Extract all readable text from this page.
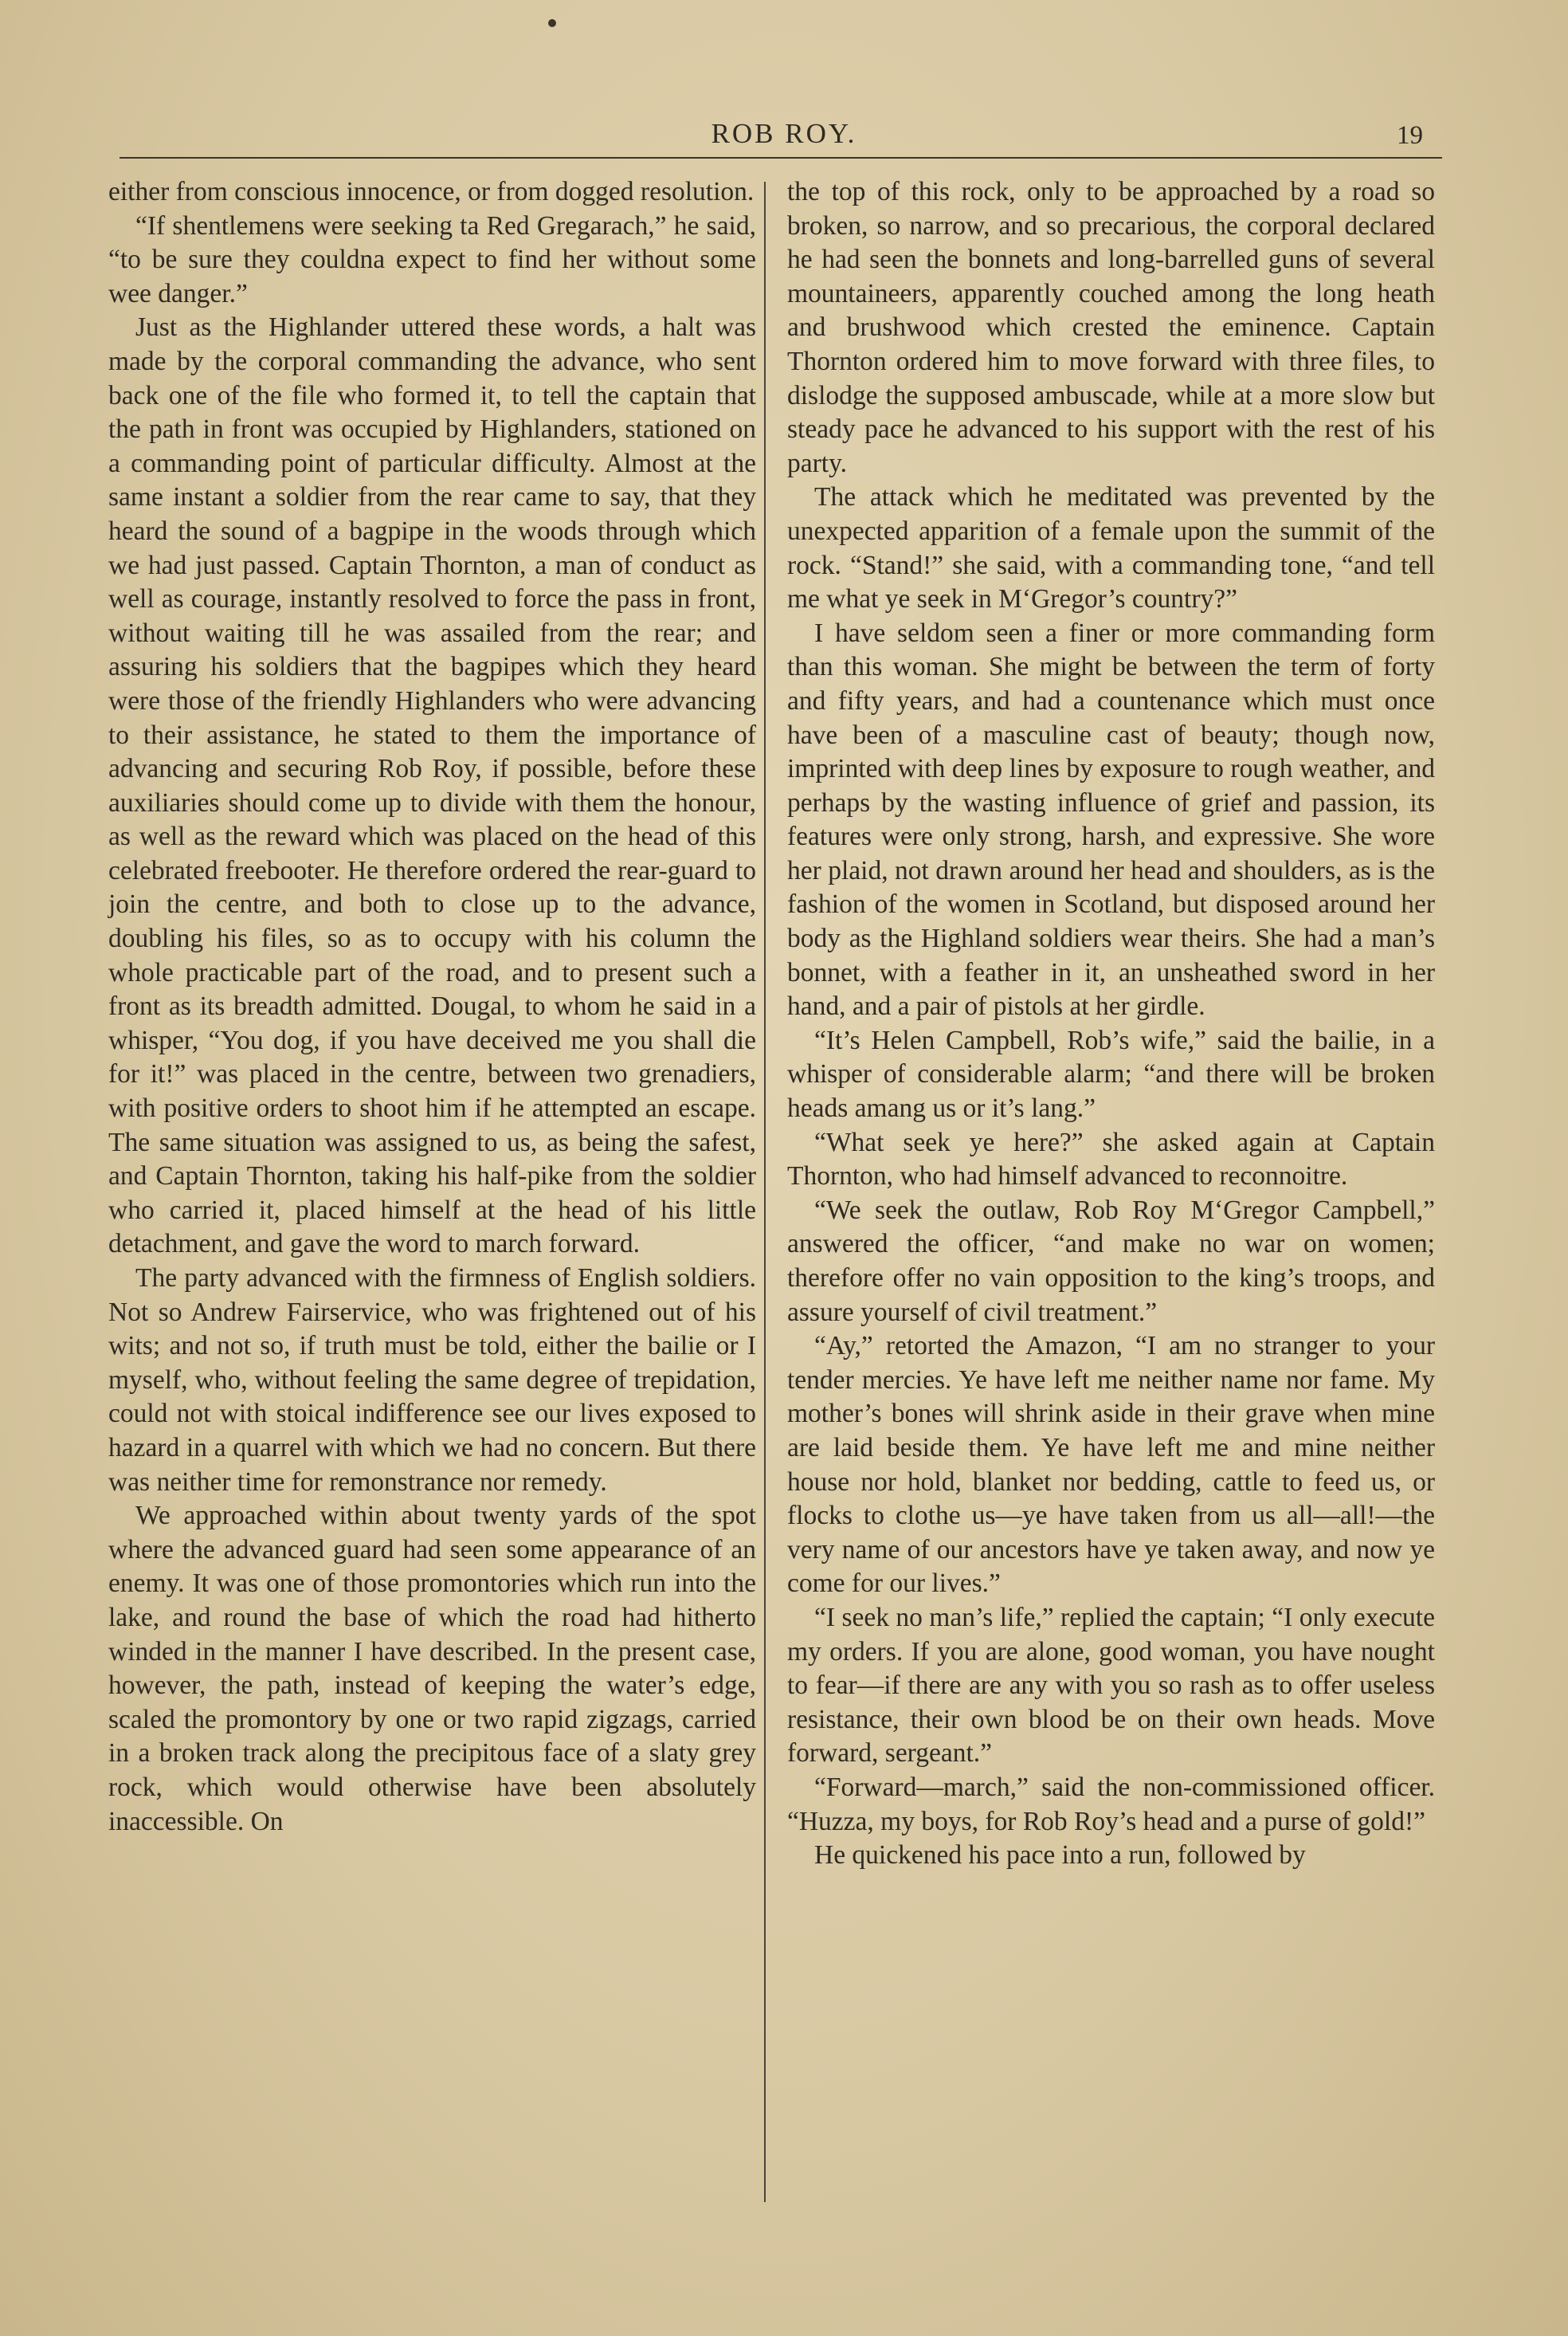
ROB ROY.	19

either from conscious innocence, or from dogged resolution.

“If shentlemens were seeking ta Red Gregarach,” he said, “to be sure they couldna expect to find her without some wee danger.”

Just as the Highlander uttered these words, a halt was made by the corporal commanding the advance, who sent back one of the file who formed it, to tell the captain that the path in front was occupied by Highlanders, stationed on a commanding point of particular difficulty. Almost at the same instant a soldier from the rear came to say, that they heard the sound of a bagpipe in the woods through which we had just passed. Captain Thornton, a man of conduct as well as courage, instantly resolved to force the pass in front, without waiting till he was assailed from the rear; and assuring his soldiers that the bagpipes which they heard were those of the friendly Highlanders who were advancing to their assistance, he stated to them the importance of advancing and securing Rob Roy, if possible, before these auxiliaries should come up to divide with them the honour, as well as the reward which was placed on the head of this celebrated freebooter. He therefore ordered the rear-guard to join the centre, and both to close up to the advance, doubling his files, so as to occupy with his column the whole practicable part of the road, and to present such a front as its breadth admitted. Dougal, to whom he said in a whisper, “You dog, if you have deceived me you shall die for it!” was placed in the centre, between two grenadiers, with positive orders to shoot him if he attempted an escape. The same situation was assigned to us, as being the safest, and Captain Thornton, taking his half-pike from the soldier who carried it, placed himself at the head of his little detachment, and gave the word to march forward.

The party advanced with the firmness of English soldiers. Not so Andrew Fairservice, who was frightened out of his wits; and not so, if truth must be told, either the bailie or I myself, who, without feeling the same degree of trepidation, could not with stoical indifference see our lives exposed to hazard in a quarrel with which we had no concern. But there was neither time for remonstrance nor remedy.

We approached within about twenty yards of the spot where the advanced guard had seen some appearance of an enemy. It was one of those promontories which run into the lake, and round the base of which the road had hitherto winded in the manner I have described. In the present case, however, the path, instead of keeping the water’s edge, scaled the promontory by one or two rapid zigzags, carried in a broken track along the precipitous face of a slaty grey rock, which would otherwise have been absolutely inaccessible. On

the top of this rock, only to be approached by a road so broken, so narrow, and so precarious, the corporal declared he had seen the bonnets and long-barrelled guns of several mountaineers, apparently couched among the long heath and brushwood which crested the eminence. Captain Thornton ordered him to move forward with three files, to dislodge the supposed ambuscade, while at a more slow but steady pace he advanced to his support with the rest of his party.

The attack which he meditated was prevented by the unexpected apparition of a female upon the summit of the rock. “Stand!” she said, with a commanding tone, “and tell me what ye seek in M‘Gregor’s country?”

I have seldom seen a finer or more commanding form than this woman. She might be between the term of forty and fifty years, and had a countenance which must once have been of a masculine cast of beauty; though now, imprinted with deep lines by exposure to rough weather, and perhaps by the wasting influence of grief and passion, its features were only strong, harsh, and expressive. She wore her plaid, not drawn around her head and shoulders, as is the fashion of the women in Scotland, but disposed around her body as the Highland soldiers wear theirs. She had a man’s bonnet, with a feather in it, an unsheathed sword in her hand, and a pair of pistols at her girdle.

“It’s Helen Campbell, Rob’s wife,” said the bailie, in a whisper of considerable alarm; “and there will be broken heads amang us or it’s lang.”

“What seek ye here?” she asked again at Captain Thornton, who had himself advanced to reconnoitre.

“We seek the outlaw, Rob Roy M‘Gregor Campbell,” answered the officer, “and make no war on women; therefore offer no vain opposition to the king’s troops, and assure yourself of civil treatment.”

“Ay,” retorted the Amazon, “I am no stranger to your tender mercies. Ye have left me neither name nor fame. My mother’s bones will shrink aside in their grave when mine are laid beside them. Ye have left me and mine neither house nor hold, blanket nor bedding, cattle to feed us, or flocks to clothe us—ye have taken from us all—all!—the very name of our ancestors have ye taken away, and now ye come for our lives.”

“I seek no man’s life,” replied the captain; “I only execute my orders. If you are alone, good woman, you have nought to fear—if there are any with you so rash as to offer useless resistance, their own blood be on their own heads. Move forward, sergeant.”

“Forward—march,” said the non-commissioned officer. “Huzza, my boys, for Rob Roy’s head and a purse of gold!”

He quickened his pace into a run, followed by
